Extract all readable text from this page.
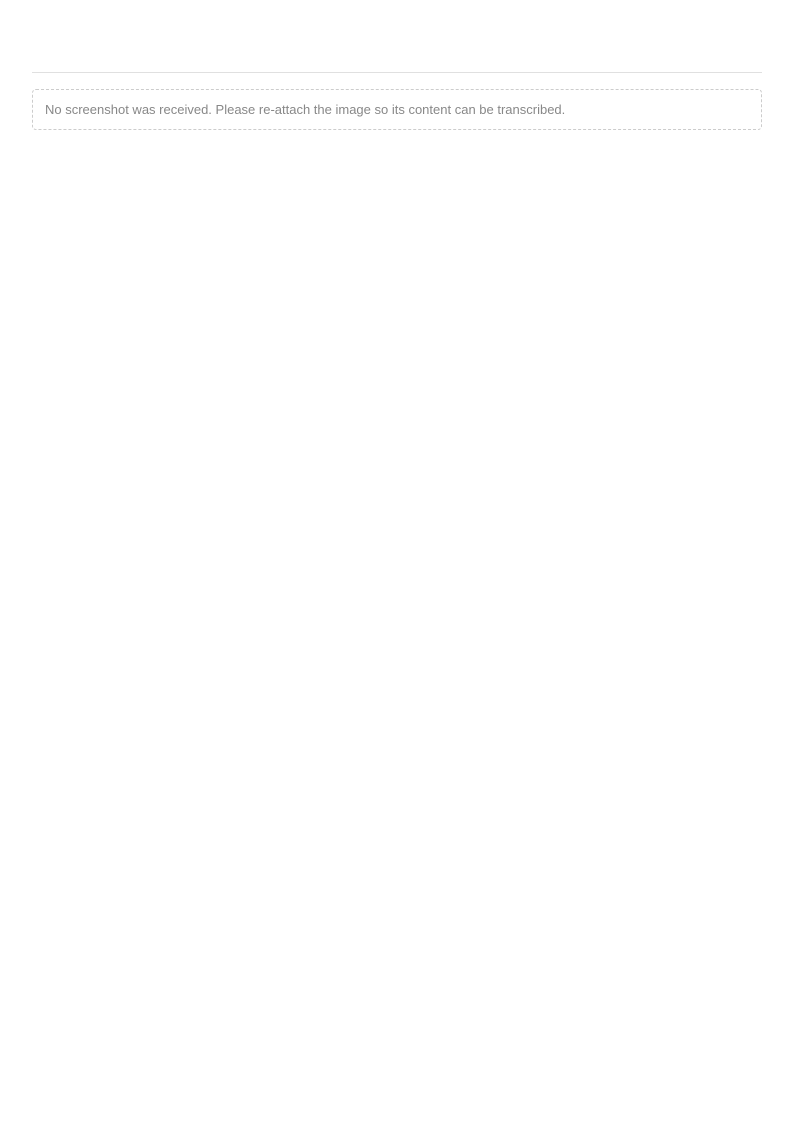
No screenshot was received. Please re-attach the image so its content can be transcribed.
